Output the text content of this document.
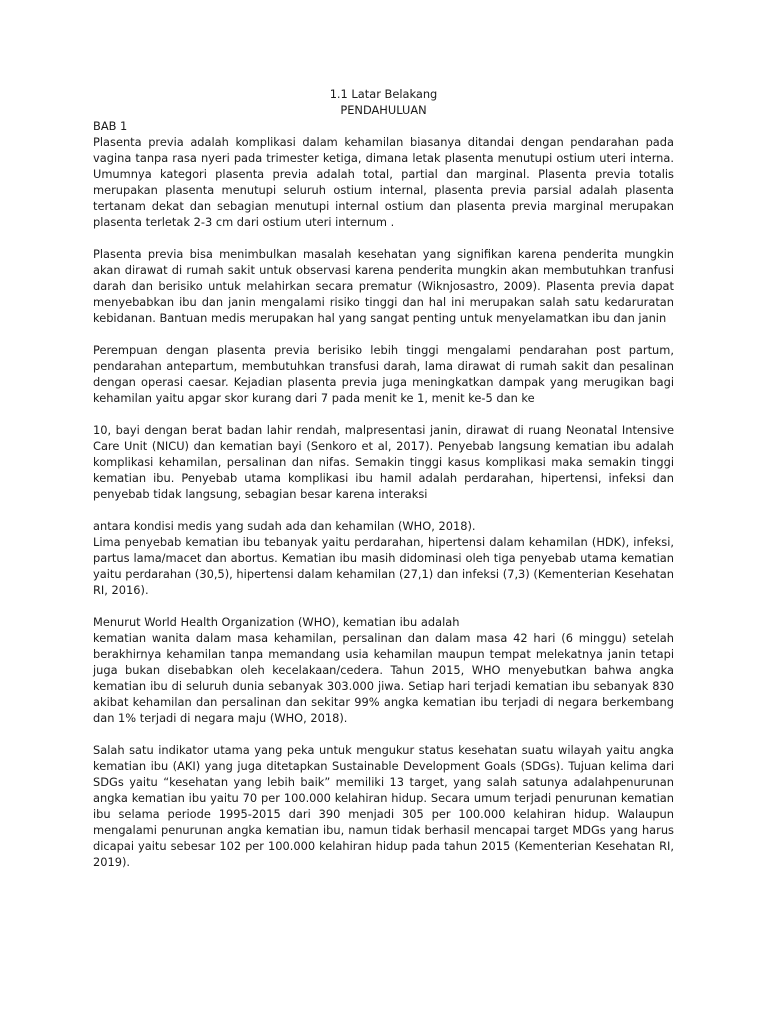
1.1 Latar Belakang
PENDAHULUAN
BAB 1

Plasenta previa adalah komplikasi dalam kehamilan biasanya ditandai dengan pendarahan pada vagina tanpa rasa nyeri pada trimester ketiga, dimana letak plasenta menutupi ostium uteri interna. Umumnya kategori plasenta previa adalah total, partial dan marginal. Plasenta previa totalis merupakan plasenta menutupi seluruh ostium internal, plasenta previa parsial adalah plasenta tertanam dekat dan sebagian menutupi internal ostium dan plasenta previa marginal merupakan plasenta terletak 2-3 cm dari ostium uteri internum .

Plasenta previa bisa menimbulkan masalah kesehatan yang signifikan karena penderita mungkin akan dirawat di rumah sakit untuk observasi karena penderita mungkin akan membutuhkan tranfusi darah dan berisiko untuk melahirkan secara prematur (Wiknjosastro, 2009). Plasenta previa dapat menyebabkan ibu dan janin mengalami risiko tinggi dan hal ini merupakan salah satu kedaruratan kebidanan. Bantuan medis merupakan hal yang sangat penting untuk menyelamatkan ibu dan janin

Perempuan dengan plasenta previa berisiko lebih tinggi mengalami pendarahan post partum, pendarahan antepartum, membutuhkan transfusi darah, lama dirawat di rumah sakit dan pesalinan dengan operasi caesar. Kejadian plasenta previa juga meningkatkan dampak yang merugikan bagi kehamilan yaitu apgar skor kurang dari 7 pada menit ke 1, menit ke-5 dan ke

10, bayi dengan berat badan lahir rendah, malpresentasi janin, dirawat di ruang Neonatal Intensive Care Unit (NICU) dan kematian bayi (Senkoro et al, 2017). Penyebab langsung kematian ibu adalah komplikasi kehamilan, persalinan dan nifas. Semakin tinggi kasus komplikasi maka semakin tinggi kematian ibu. Penyebab utama komplikasi ibu hamil adalah perdarahan, hipertensi, infeksi dan penyebab tidak langsung, sebagian besar karena interaksi

antara kondisi medis yang sudah ada dan kehamilan (WHO, 2018).

Lima penyebab kematian ibu tebanyak yaitu perdarahan, hipertensi dalam kehamilan (HDK), infeksi, partus lama/macet dan abortus. Kematian ibu masih didominasi oleh tiga penyebab utama kematian yaitu perdarahan (30,5), hipertensi dalam kehamilan (27,1) dan infeksi (7,3) (Kementerian Kesehatan RI, 2016).

Menurut World Health Organization (WHO), kematian ibu adalah

kematian wanita dalam masa kehamilan, persalinan dan dalam masa 42 hari (6 minggu) setelah berakhirnya kehamilan tanpa memandang usia kehamilan maupun tempat melekatnya janin tetapi juga bukan disebabkan oleh kecelakaan/cedera. Tahun 2015, WHO menyebutkan bahwa angka kematian ibu di seluruh dunia sebanyak 303.000 jiwa. Setiap hari terjadi kematian ibu sebanyak 830 akibat kehamilan dan persalinan dan sekitar 99% angka kematian ibu terjadi di negara berkembang dan 1% terjadi di negara maju (WHO, 2018).

Salah satu indikator utama yang peka untuk mengukur status kesehatan suatu wilayah yaitu angka kematian ibu (AKI) yang juga ditetapkan Sustainable Development Goals (SDGs). Tujuan kelima dari SDGs yaitu “kesehatan yang lebih baik” memiliki 13 target, yang salah satunya adalahpenurunan angka kematian ibu yaitu 70 per 100.000 kelahiran hidup. Secara umum terjadi penurunan kematian ibu selama periode 1995-2015 dari 390 menjadi 305 per 100.000 kelahiran hidup. Walaupun mengalami penurunan angka kematian ibu, namun tidak berhasil mencapai target MDGs yang harus dicapai yaitu sebesar 102 per 100.000 kelahiran hidup pada tahun 2015 (Kementerian Kesehatan RI, 2019).
